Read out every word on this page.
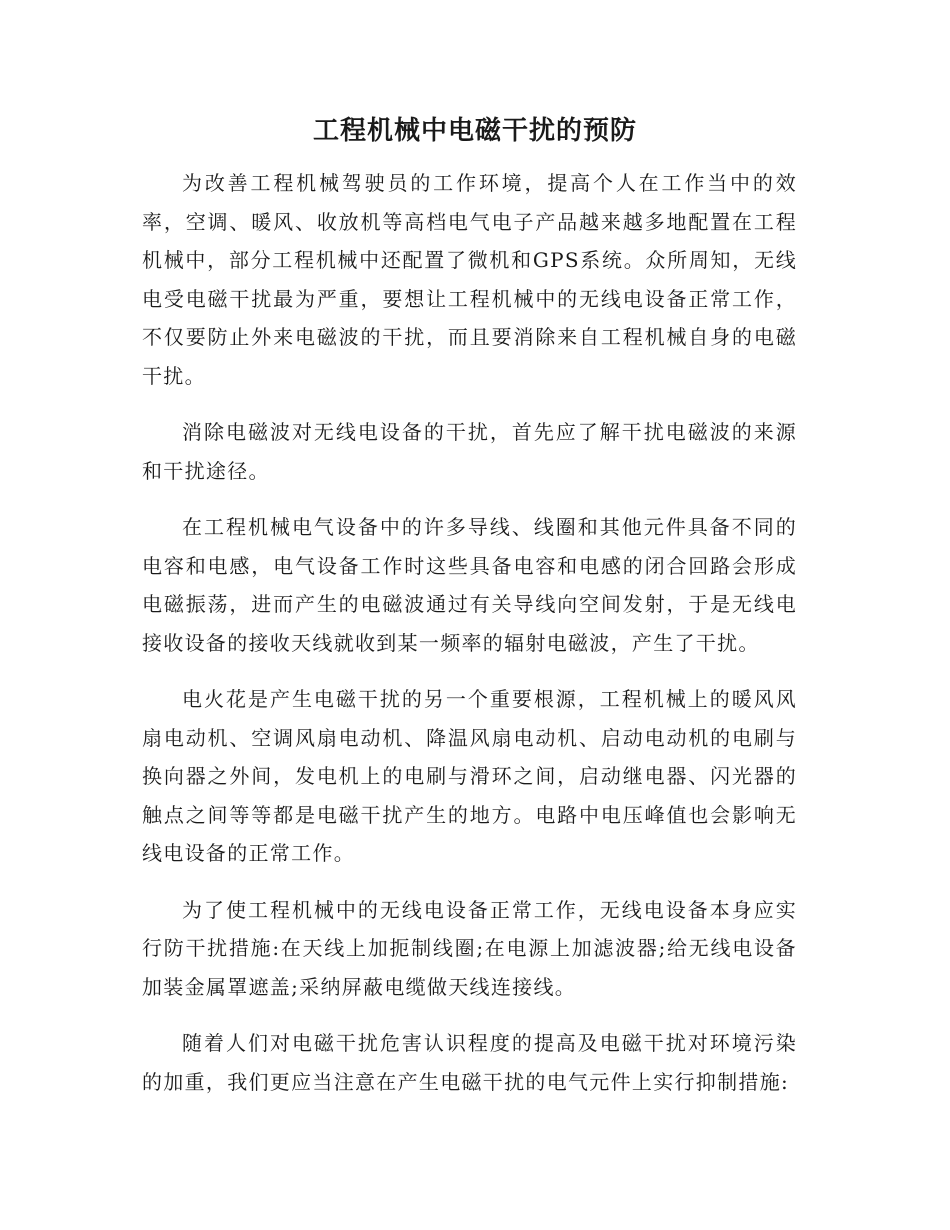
工程机械中电磁干扰的预防

为改善工程机械驾驶员的工作环境，提高个人在工作当中的效率，空调、暖风、收放机等高档电气电子产品越来越多地配置在工程机械中，部分工程机械中还配置了微机和GPS系统。众所周知，无线电受电磁干扰最为严重，要想让工程机械中的无线电设备正常工作，不仅要防止外来电磁波的干扰，而且要消除来自工程机械自身的电磁干扰。

消除电磁波对无线电设备的干扰，首先应了解干扰电磁波的来源和干扰途径。

在工程机械电气设备中的许多导线、线圈和其他元件具备不同的电容和电感，电气设备工作时这些具备电容和电感的闭合回路会形成电磁振荡，进而产生的电磁波通过有关导线向空间发射，于是无线电接收设备的接收天线就收到某一频率的辐射电磁波，产生了干扰。

电火花是产生电磁干扰的另一个重要根源，工程机械上的暖风风扇电动机、空调风扇电动机、降温风扇电动机、启动电动机的电刷与换向器之外间，发电机上的电刷与滑环之间，启动继电器、闪光器的触点之间等等都是电磁干扰产生的地方。电路中电压峰值也会影响无线电设备的正常工作。

为了使工程机械中的无线电设备正常工作，无线电设备本身应实行防干扰措施:在天线上加扼制线圈;在电源上加滤波器;给无线电设备加装金属罩遮盖;采纳屏蔽电缆做天线连接线。

随着人们对电磁干扰危害认识程度的提高及电磁干扰对环境污染的加重，我们更应当注意在产生电磁干扰的电气元件上实行抑制措施:
